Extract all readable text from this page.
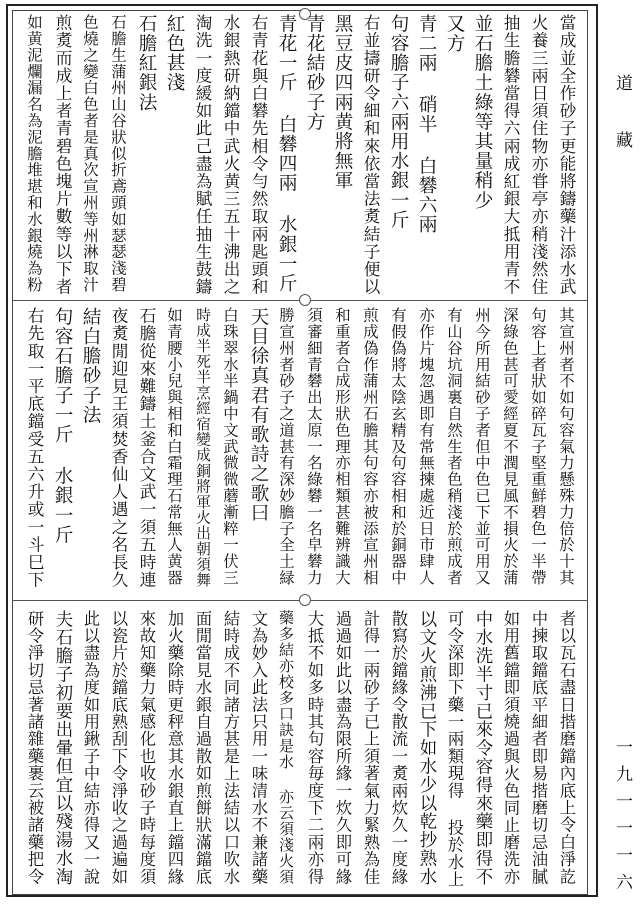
當成並全作砂子更能將鑄藥汁添水武
火養三兩日須住物亦甞亭亦稍淺然住
抽生膽礬當得六兩成紅銀大抵用青不
並石膽土綠等其量稍少
又方
青二兩 硝半 白礬六兩
句容膽子六兩用水銀一斤
右並擣研令細和來依當法煑結子便以
黑豆皮四兩黄將無軍
青花結砂子方
青花一斤 白礬四兩 水銀一斤
右青花與白礬先相令勻然取兩匙頭和
水銀熱研納鐺中武火黄三五十沸出之
淘洗一度緩如此己盡為賦任抽生鼓鑄
紅色甚淺
石膽紅銀法
石膽生蒲州山谷狀似折鳶頭如瑟瑟淺碧
色燒之變白色者是真次宣州等州淋取汁
煎煑而成上者青碧色塊片數等以下者
如黄泥爛漏名為泥膽堆堪和水銀燒為粉
其宣州者不如句容氣力懸殊力倍於十其
句容上者狀如碎瓦子堅重鮮碧色一半帶
深綠色甚可愛經夏不潤見風不損火於蒲
州今所用結砂子者但中色已下並可用又
有山谷坑洞裏自然生者色稍淺於煎成者
亦作片塊忽遇即有常無揀處近日市肆人
有假偽將太陰玄精及句容相和於銅器中
煎成偽作蒲州石膽其句容亦被添宣州相
和重者合成形狀色理亦相類甚難辨識大
須審細青礬出太原一名綠礬一名皁礬力
勝宣州者砂子之道甚有深妙膽子全土緑
天目徐真君有歌詩之歌曰
白珠翠水半鍋中文武微微蘑漸粹一伏三
時成半死半烹經宿變成銅將軍火出朝須舞
如青腰小兒與相和白霜理石常無人黄器
石膽從來難鑄土釜合文武一須五時連
夜煑閒迎見王須焚香仙人遇之名長久
結白膽砂子法
句容石膽子一斤 水銀一斤
右先取一平底鐺受五六升或一斗巳下
者以瓦石盡日揩磨鐺內底上令白淨訖
中揀取鐺底平細者即易揩磨切忌油膩
如用舊鐺即須燒過與火色同止磨洗亦
中水洗半寸已來令容得來藥即得不
可令深即下藥一兩類現得 投於水上
以文火煎沸已下如水少以乾抄熟水
散寫於鐺緣令散流一煑兩炊久一度緣
計得一兩砂子已上須著氣力緊熟為佳
過過如此以盡為限所緣一炊久即可緣
大抵不如多時其句容毎度下二兩亦得
藥多結亦校多口訣是水 亦云須淺火須
文為妙入此法只用一味清水不兼諸藥
結時成不同諸方甚是上法結以口吹水
面閒當見水銀自過散如煎餅狀滿鐺底
加火藥除時更秤意其水銀直上鐺四緣
來故知藥力氣感化也收砂子時每度須
以瓷片於鐺底熟刮下令淨收之過遍如
此以盡為度如用鍬子中結亦得又一說
夫石膽子初要出暈但宜以殘湯水淘
研令淨切忌著諸雜藥裹云被諸藥把令
道 藏
一九一一一六
